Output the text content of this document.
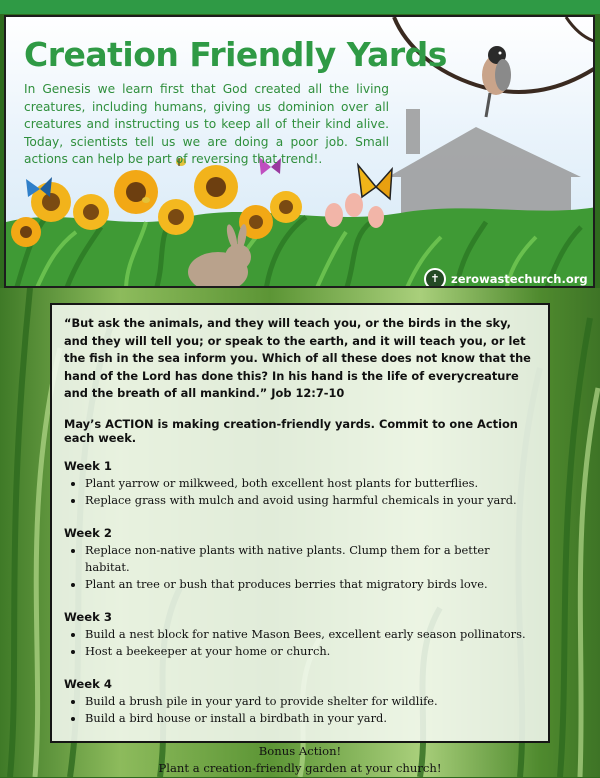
Creation Friendly Yards

In Genesis we learn first that God created all the living creatures, including humans, giving us dominion over all creatures and instructing us to keep all of their kind alive. Today, scientists tell us we are doing a poor job. Small actions can help be part of reversing that trend!.

✝ zerowastechurch.org

“But ask the animals, and they will teach you, or the birds in the sky, and they will tell you; or speak to the earth, and it will teach you, or let the fish in the sea inform you. Which of all these does not know that the hand of the Lord has done this? In his hand is the life of everycreature and the breath of all mankind.” Job 12:7-10

May’s ACTION is making creation-friendly yards. Commit to one Action each week.

Week 1

• Plant yarrow or milkweed, both excellent host plants for butterflies.
• Replace grass with mulch and avoid using harmful chemicals in your yard.

Week 2

• Replace non-native plants with native plants. Clump them for a better habitat.
• Plant an tree or bush that produces berries that migratory birds love.

Week 3

• Build a nest block for native Mason Bees, excellent early season pollinators.
• Host a beekeeper at your home or church.

Week 4

• Build a brush pile in your yard to provide shelter for wildlife.
• Build a bird house or install a birdbath in your yard.
Bonus Action!
Plant a creation-friendly garden at your church!
